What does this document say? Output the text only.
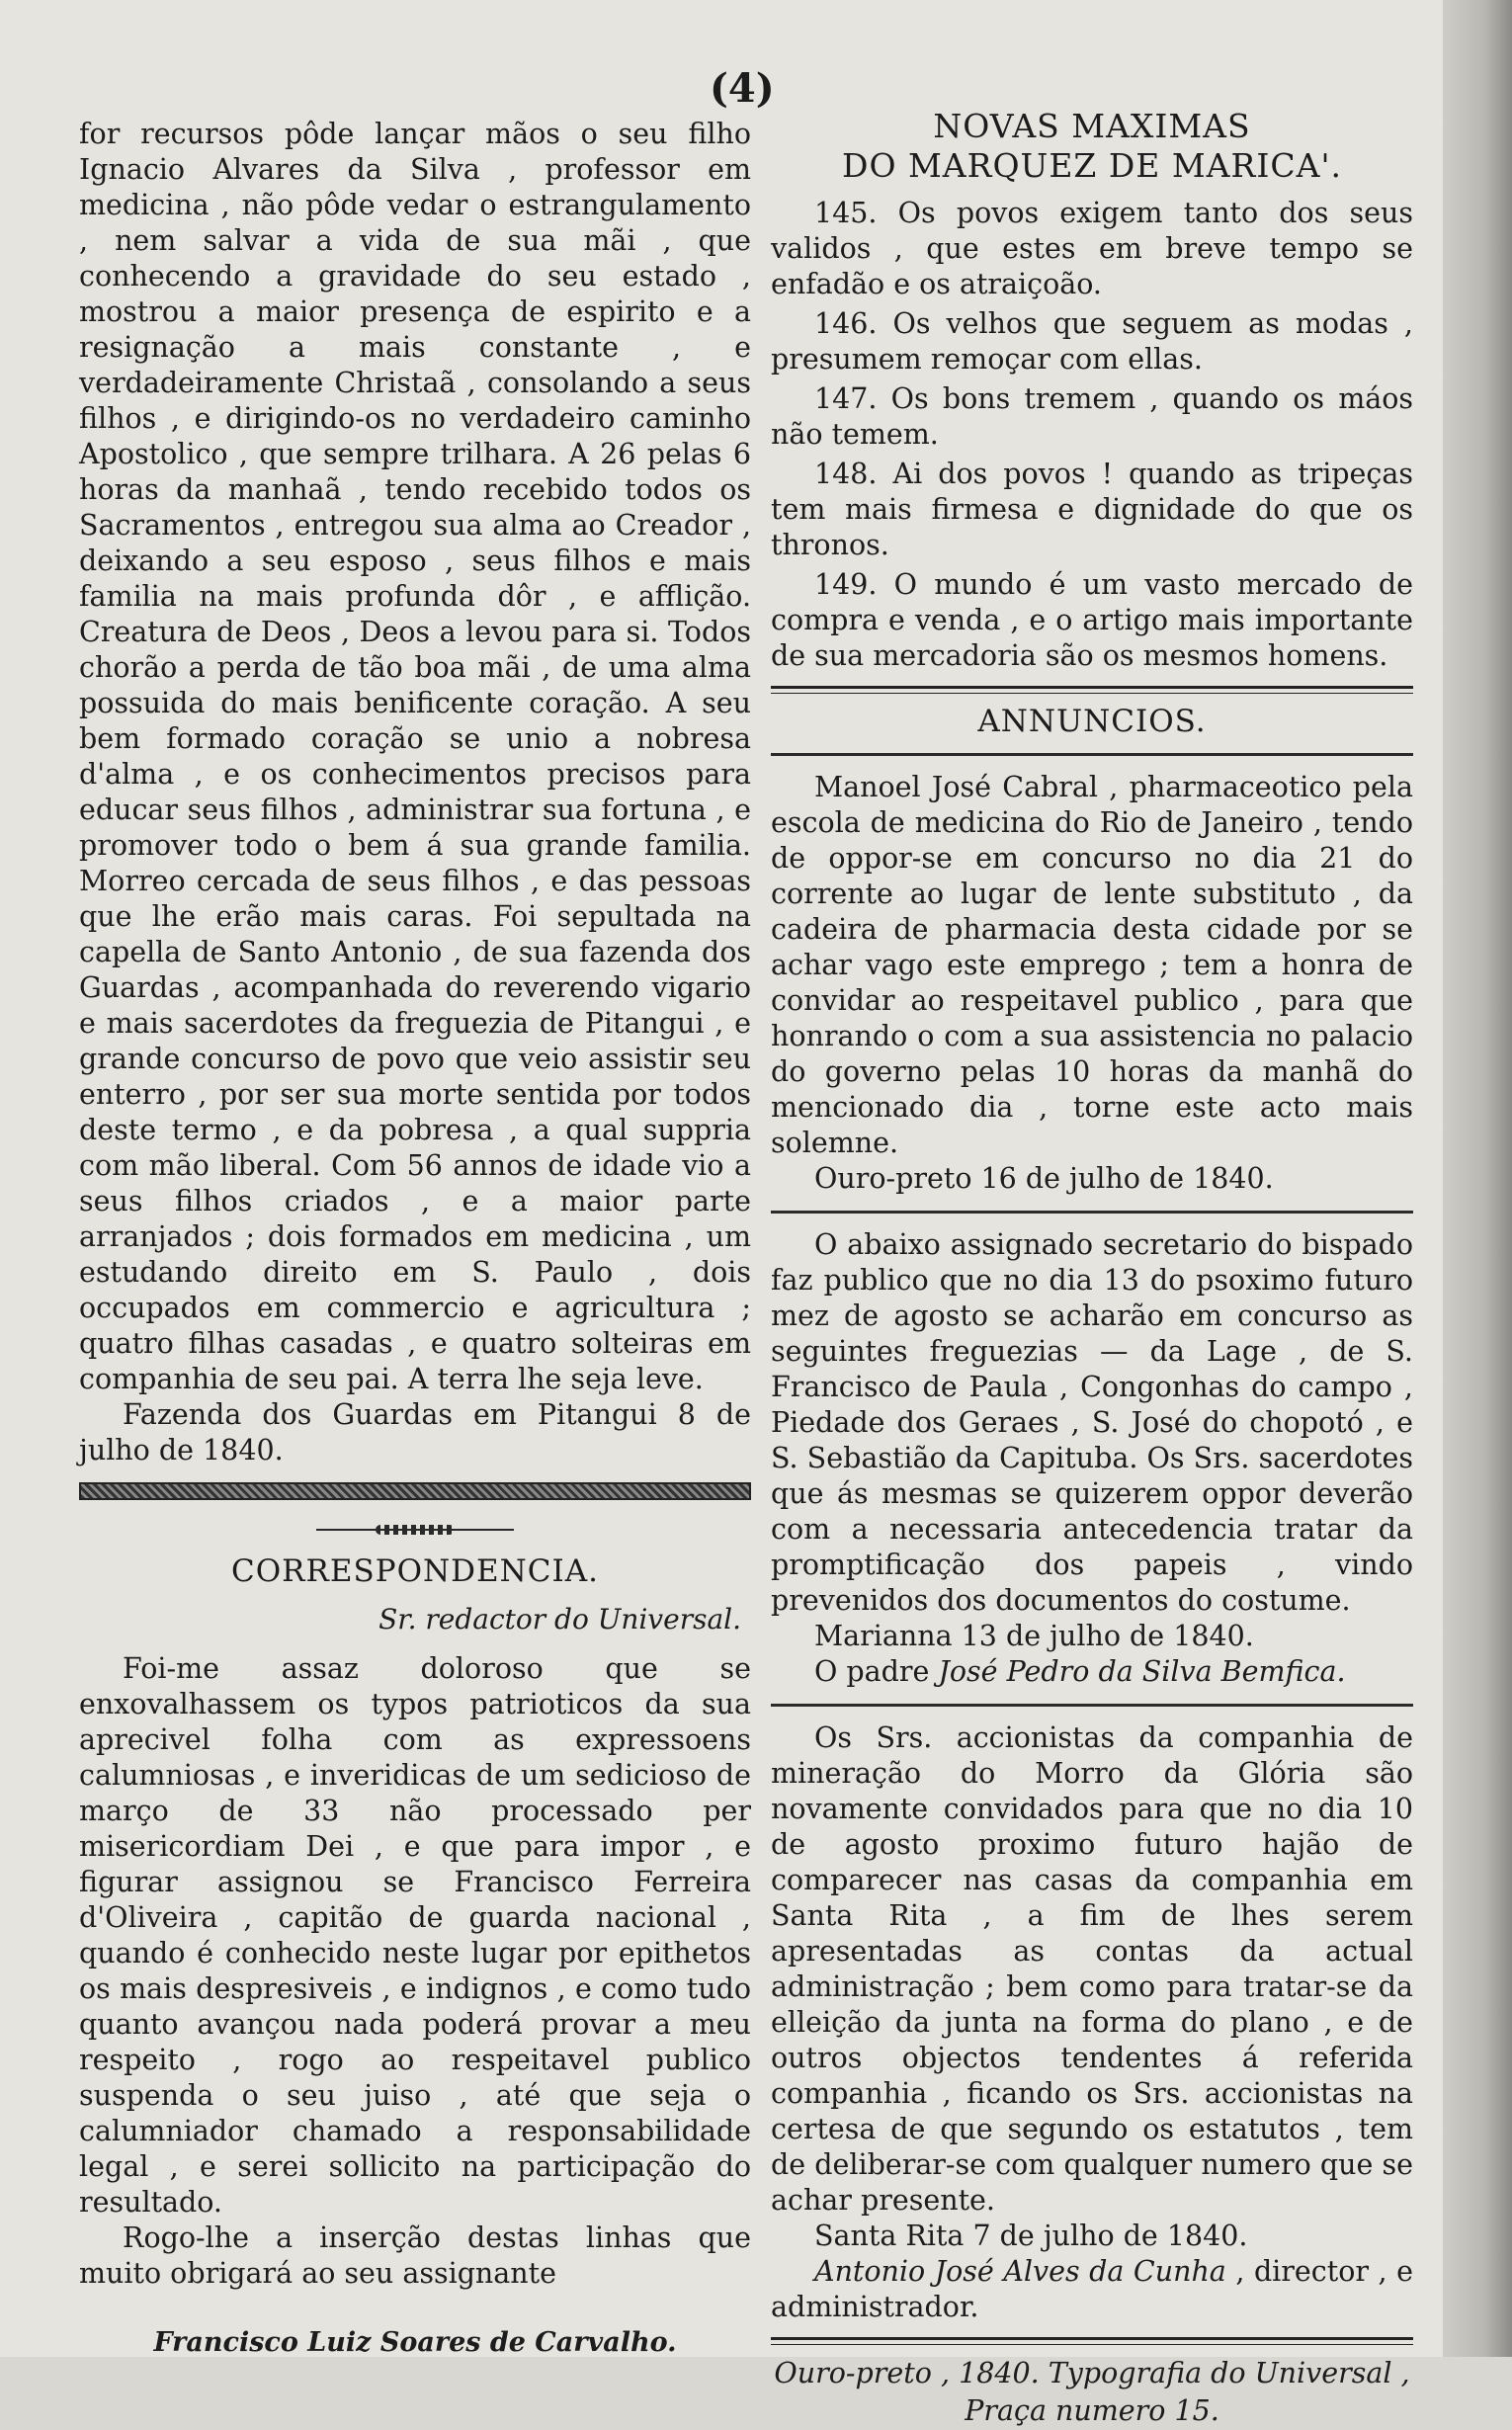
(4)
for recursos pôde lançar mãos o seu filho Ignacio Alvares da Silva , professor em medicina , não pôde vedar o estrangulamento , nem salvar a vida de sua mãi , que conhecendo a gravidade do seu estado , mostrou a maior presença de espirito e a resignação a mais constante , e verdadeiramente Christaã , consolando a seus filhos , e dirigindo-os no verdadeiro caminho Apostolico , que sempre trilhara. A 26 pelas 6 horas da manhaã , tendo recebido todos os Sacramentos , entregou sua alma ao Creador , deixando a seu esposo , seus filhos e mais familia na mais profunda dôr , e afflição. Creatura de Deos , Deos a levou para si. Todos chorão a perda de tão boa mãi , de uma alma possuida do mais benificente coração. A seu bem formado coração se unio a nobresa d'alma , e os conhecimentos precisos para educar seus filhos , administrar sua fortuna , e promover todo o bem á sua grande familia. Morreo cercada de seus filhos , e das pessoas que lhe erão mais caras. Foi sepultada na capella de Santo Antonio , de sua fazenda dos Guardas , acompanhada do reverendo vigario e mais sacerdotes da freguezia de Pitangui , e grande concurso de povo que veio assistir seu enterro , por ser sua morte sentida por todos deste termo , e da pobresa , a qual suppria com mão liberal. Com 56 annos de idade vio a seus filhos criados , e a maior parte arranjados ; dois formados em medicina , um estudando direito em S. Paulo , dois occupados em commercio e agricultura ; quatro filhas casadas , e quatro solteiras em companhia de seu pai. A terra lhe seja leve.
Fazenda dos Guardas em Pitangui 8 de julho de 1840.
CORRESPONDENCIA.
Sr. redactor do Universal.
Foi-me assaz doloroso que se enxovalhassem os typos patrioticos da sua aprecivel folha com as expressoens calumniosas , e inveridicas de um sedicioso de março de 33 não processado per misericordiam Dei , e que para impor , e figurar assignou se Francisco Ferreira d'Oliveira , capitão de guarda nacional , quando é conhecido neste lugar por epithetos os mais despresiveis , e indignos , e como tudo quanto avançou nada poderá provar a meu respeito , rogo ao respeitavel publico suspenda o seu juiso , até que seja o calumniador chamado a responsabilidade legal , e serei sollicito na participação do resultado.
Rogo-lhe a inserção destas linhas que muito obrigará ao seu assignante
Francisco Luiz Soares de Carvalho.
NOVAS MAXIMAS
DO MARQUEZ DE MARICA'.
145. Os povos exigem tanto dos seus validos , que estes em breve tempo se enfadão e os atraiçoão.
146. Os velhos que seguem as modas , presumem remoçar com ellas.
147. Os bons tremem , quando os máos não temem.
148. Ai dos povos ! quando as tripeças tem mais firmesa e dignidade do que os thronos.
149. O mundo é um vasto mercado de compra e venda , e o artigo mais importante de sua mercadoria são os mesmos homens.
ANNUNCIOS.
Manoel José Cabral , pharmaceotico pela escola de medicina do Rio de Janeiro , tendo de oppor-se em concurso no dia 21 do corrente ao lugar de lente substituto , da cadeira de pharmacia desta cidade por se achar vago este emprego ; tem a honra de convidar ao respeitavel publico , para que honrando o com a sua assistencia no palacio do governo pelas 10 horas da manhã do mencionado dia , torne este acto mais solemne.
Ouro-preto 16 de julho de 1840.
O abaixo assignado secretario do bispado faz publico que no dia 13 do psoximo futuro mez de agosto se acharão em concurso as seguintes freguezias — da Lage , de S. Francisco de Paula , Congonhas do campo , Piedade dos Geraes , S. José do chopotó , e S. Sebastião da Capituba. Os Srs. sacerdotes que ás mesmas se quizerem oppor deverão com a necessaria antecedencia tratar da promptificação dos papeis , vindo prevenidos dos documentos do costume.
Marianna 13 de julho de 1840.
O padre José Pedro da Silva Bemfica.
Os Srs. accionistas da companhia de mineração do Morro da Glória são novamente convidados para que no dia 10 de agosto proximo futuro hajão de comparecer nas casas da companhia em Santa Rita , a fim de lhes serem apresentadas as contas da actual administração ; bem como para tratar-se da elleição da junta na forma do plano , e de outros objectos tendentes á referida companhia , ficando os Srs. accionistas na certesa de que segundo os estatutos , tem de deliberar-se com qualquer numero que se achar presente.
Santa Rita 7 de julho de 1840.
Antonio José Alves da Cunha , director , e administrador.
Ouro-preto , 1840. Typografia do Universal ,
Praça numero 15.
